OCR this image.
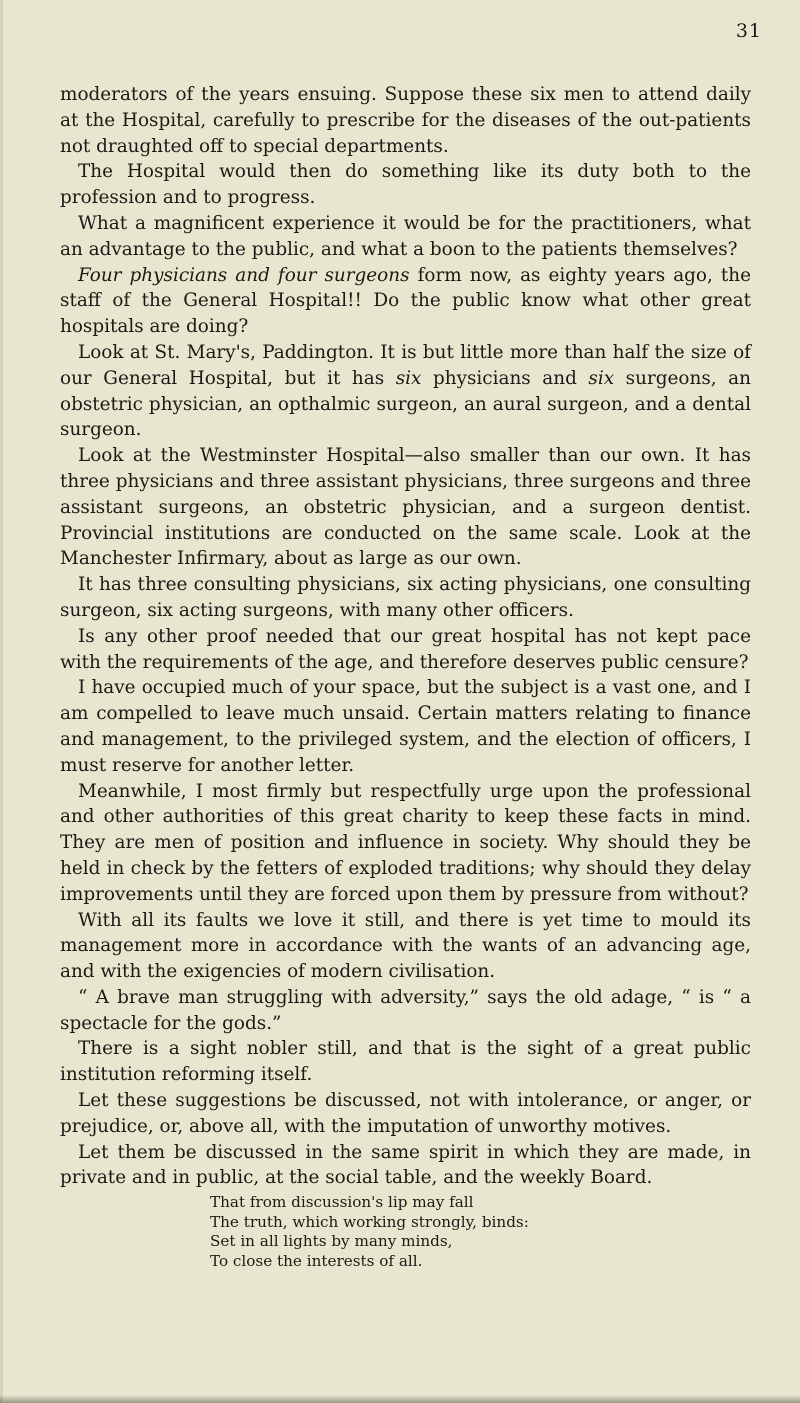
31

moderators of the years ensuing. Suppose these six men to attend daily at the Hospital, carefully to prescribe for the diseases of the out-patients not draughted off to special departments.

The Hospital would then do something like its duty both to the profession and to progress.

What a magnificent experience it would be for the practitioners, what an advantage to the public, and what a boon to the patients themselves?

Four physicians and four surgeons form now, as eighty years ago, the staff of the General Hospital!! Do the public know what other great hospitals are doing?

Look at St. Mary's, Paddington. It is but little more than half the size of our General Hospital, but it has six physicians and six surgeons, an obstetric physician, an opthalmic surgeon, an aural surgeon, and a dental surgeon.

Look at the Westminster Hospital—also smaller than our own. It has three physicians and three assistant physicians, three surgeons and three assistant surgeons, an obstetric physician, and a surgeon dentist. Provincial institutions are conducted on the same scale. Look at the Manchester Infirmary, about as large as our own.

It has three consulting physicians, six acting physicians, one consulting surgeon, six acting surgeons, with many other officers.

Is any other proof needed that our great hospital has not kept pace with the requirements of the age, and therefore deserves public censure?

I have occupied much of your space, but the subject is a vast one, and I am compelled to leave much unsaid. Certain matters relating to finance and management, to the privileged system, and the election of officers, I must reserve for another letter.

Meanwhile, I most firmly but respectfully urge upon the professional and other authorities of this great charity to keep these facts in mind. They are men of position and influence in society. Why should they be held in check by the fetters of exploded traditions; why should they delay improvements until they are forced upon them by pressure from without?

With all its faults we love it still, and there is yet time to mould its management more in accordance with the wants of an advancing age, and with the exigencies of modern civilisation.

“ A brave man struggling with adversity,” says the old adage, “ is “ a spectacle for the gods.”

There is a sight nobler still, and that is the sight of a great public institution reforming itself.

Let these suggestions be discussed, not with intolerance, or anger, or prejudice, or, above all, with the imputation of unworthy motives.

Let them be discussed in the same spirit in which they are made, in private and in public, at the social table, and the weekly Board.

That from discussion's lip may fall
The truth, which working strongly, binds:
Set in all lights by many minds,
To close the interests of all.
